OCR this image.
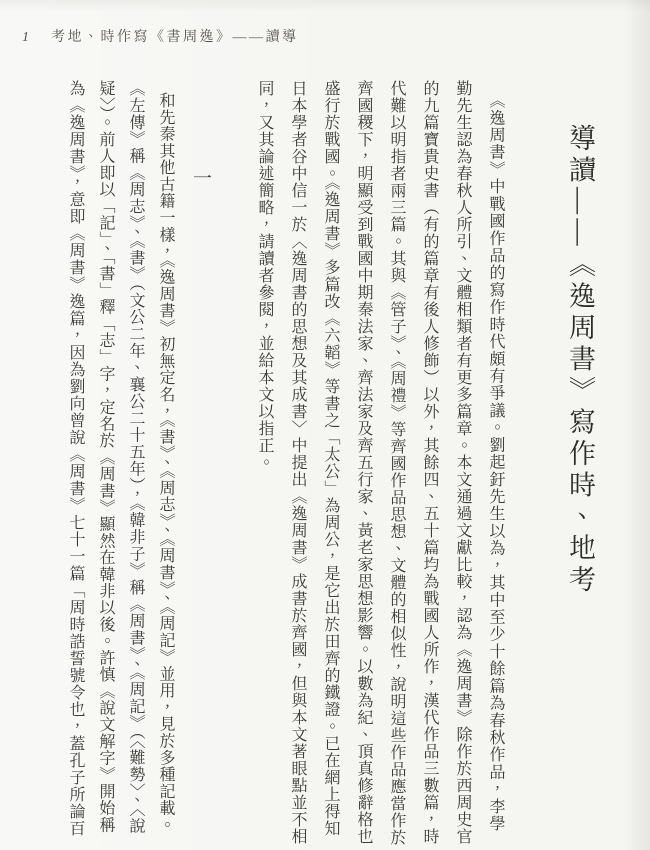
1 考地、時作寫《書周逸》——讀導
導讀——《逸周書》寫作時、地考
《逸周書》中戰國作品的寫作時代頗有爭議。劉起釪先生以為，其中至少十餘篇為春秋作品，李學
勤先生認為春秋人所引、文體相類者有更多篇章。本文通過文獻比較，認為《逸周書》除作於西周史官
的九篇寶貴史書（有的篇章有後人修飾）以外，其餘四、五十篇均為戰國人所作，漢代作品三數篇，時
代難以明指者兩三篇。其與《管子》、《周禮》等齊國作品思想、文體的相似性，說明這些作品應當作於
齊國稷下，明顯受到戰國中期秦法家、齊法家及齊五行家、黃老家思想影響。以數為紀、頂真修辭格也
盛行於戰國。《逸周書》多篇改《六韜》等書之「太公」為周公，是它出於田齊的鐵證。已在網上得知
日本學者谷中信一於〈逸周書的思想及其成書〉中提出《逸周書》成書於齊國，但與本文著眼點並不相
同，又其論述簡略，請讀者參閱，並給本文以指正。
一
和先秦其他古籍一樣，《逸周書》初無定名，《書》、《周志》、《周書》、《周記》並用，見於多種記載。
《左傳》稱《周志》、《書》（文公二年、襄公二十五年），《韓非子》稱《周書》、《周記》（〈難勢〉、〈說
疑〉）。前人即以「記」、「書」釋「志」字，定名於《周書》顯然在韓非以後。許慎《說文解字》開始稱
為《逸周書》，意即《周書》逸篇，因為劉向曾說《周書》七十一篇「周時誥誓號令也，蓋孔子所論百
